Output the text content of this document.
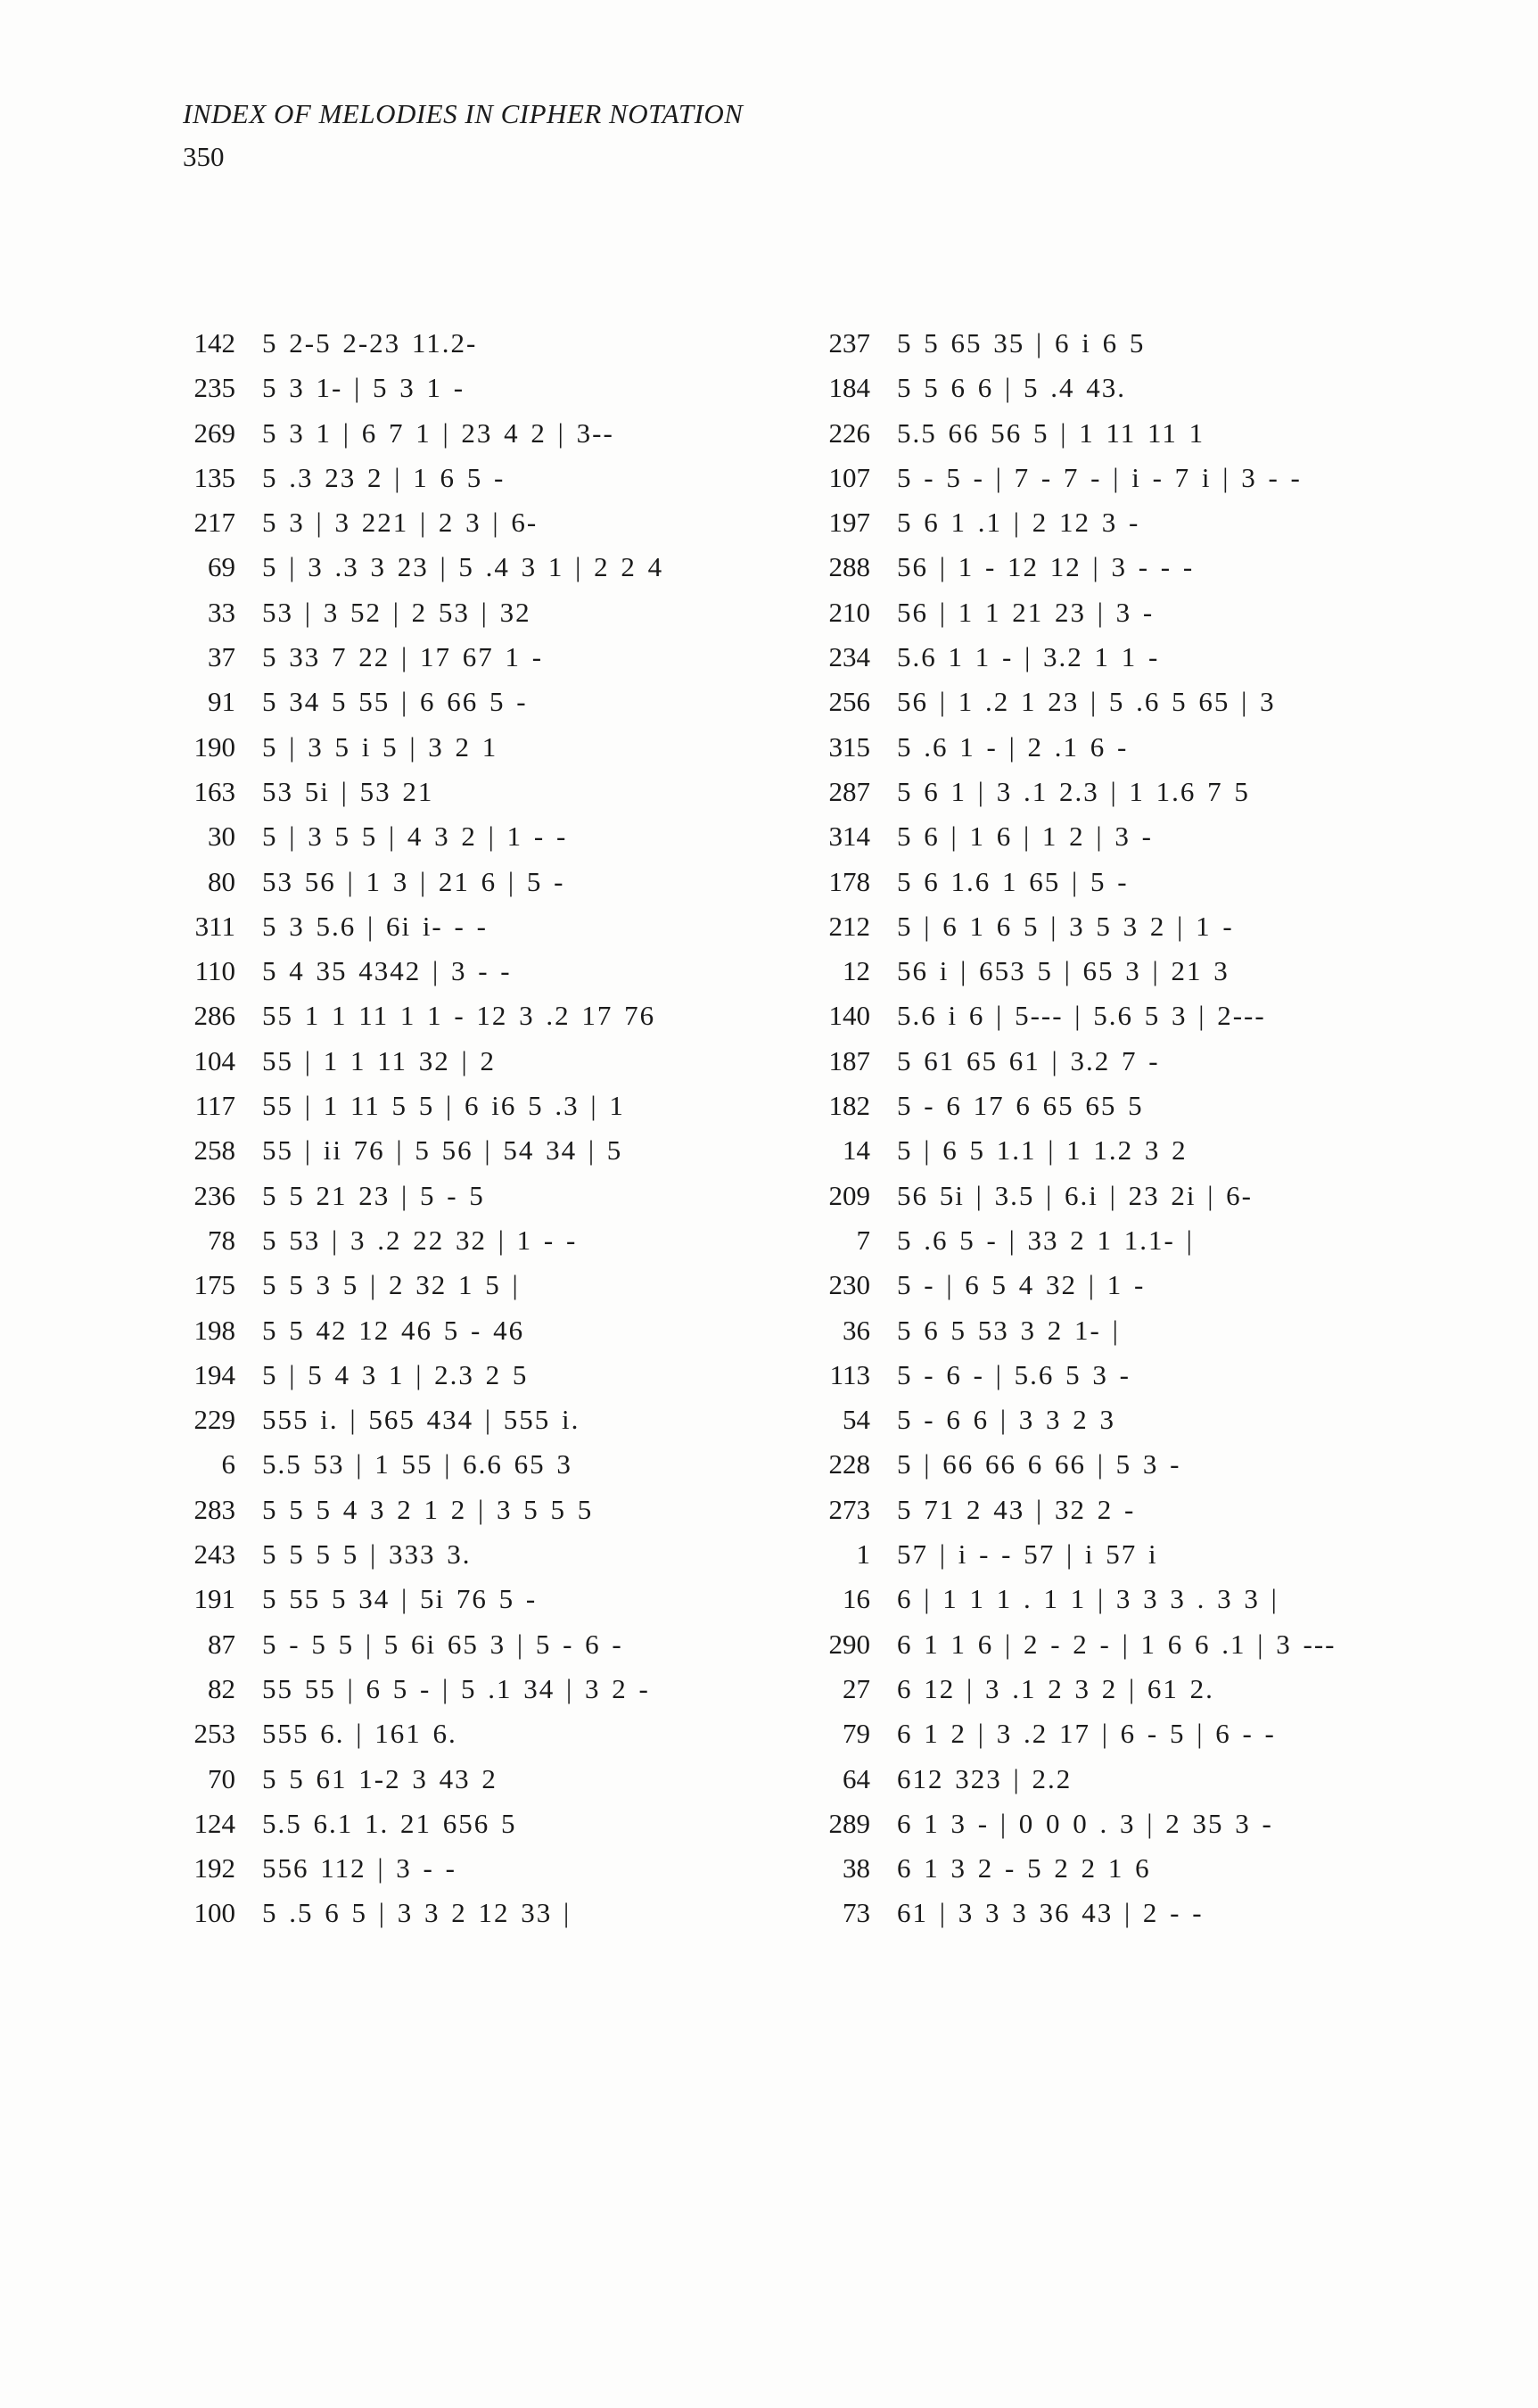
INDEX OF MELODIES IN CIPHER NOTATION
350
142 5 2-5 2-23 11.2-
235 5 3 1- | 5 3 1 -
269 5 3 1 | 6 7 1 | 23 4 2 | 3--
135 5 .3 23 2 | 1 6 5 -
217 5 3 | 3 221 | 2 3 | 6-
69 5 | 3 .3 3 23 | 5 .4 3 1 | 2 2 4
33 53 | 3 52 | 2 53 | 32
37 5 33 7 22 | 17 67 1 -
91 5 34 5 55 | 6 66 5 -
190 5 | 3 5 i 5 | 3 2 1
163 53 5i | 53 21
30 5 | 3 5 5 | 4 3 2 | 1 - -
80 53 56 | 1 3 | 21 6 | 5 -
311 5 3 5.6 | 6i i- - -
110 5 4 35 4342 | 3 - -
286 55 1 1 11 1 1 - 12 3 .2 17 76
104 55 | 1 1 11 32 | 2
117 55 | 1 11 5 5 | 6 i6 5 .3 | 1
258 55 | ii 76 | 5 56 | 54 34 | 5
236 5 5 21 23 | 5 - 5
78 5 53 | 3 .2 22 32 | 1 - -
175 5 5 3 5 | 2 32 1 5 |
198 5 5 42 12 46 5 - 46
194 5 | 5 4 3 1 | 2.3 2 5
229 555 i. | 565 434 | 555 i.
6 5.5 53 | 1 55 | 6.6 65 3
283 5 5 5 4 3 2 1 2 | 3 5 5 5
243 5 5 5 5 | 333 3.
191 5 55 5 34 | 5i 76 5 -
87 5 - 5 5 | 5 6i 65 3 | 5 - 6 -
82 55 55 | 6 5 - | 5 .1 34 | 3 2 -
253 555 6. | 161 6.
70 5 5 61 1-2 3 43 2
124 5.5 6.1 1. 21 656 5
192 556 112 | 3 - -
100 5 .5 6 5 | 3 3 2 12 33 |
237 5 5 65 35 | 6 i 6 5
184 5 5 6 6 | 5 .4 43.
226 5.5 66 56 5 | 1 11 11 1
107 5 - 5 - | 7 - 7 - | i - 7 i | 3 - -
197 5 6 1 .1 | 2 12 3 -
288 56 | 1 - 12 12 | 3 - - -
210 56 | 1 1 21 23 | 3 -
234 5.6 1 1 - | 3.2 1 1 -
256 56 | 1 .2 1 23 | 5 .6 5 65 | 3
315 5 .6 1 - | 2 .1 6 -
287 5 6 1 | 3 .1 2.3 | 1 1.6 7 5
314 5 6 | 1 6 | 1 2 | 3 -
178 5 6 1.6 1 65 | 5 -
212 5 | 6 1 6 5 | 3 5 3 2 | 1 -
12 56 i | 653 5 | 65 3 | 21 3
140 5.6 i 6 | 5--- | 5.6 5 3 | 2---
187 5 61 65 61 | 3.2 7 -
182 5 - 6 17 6 65 65 5
14 5 | 6 5 1.1 | 1 1.2 3 2
209 56 5i | 3.5 | 6.i | 23 2i | 6-
7 5 .6 5 - | 33 2 1 1.1- |
230 5 - | 6 5 4 32 | 1 -
36 5 6 5 53 3 2 1- |
113 5 - 6 - | 5.6 5 3 -
54 5 - 6 6 | 3 3 2 3
228 5 | 66 66 6 66 | 5 3 -
273 5 71 2 43 | 32 2 -
1 57 | i - - 57 | i 57 i
16 6 | 1 1 1 . 1 1 | 3 3 3 . 3 3 |
290 6 1 1 6 | 2 - 2 - | 1 6 6 .1 | 3 ---
27 6 12 | 3 .1 2 3 2 | 61 2.
79 6 1 2 | 3 .2 17 | 6 - 5 | 6 - -
64 612 323 | 2.2
289 6 1 3 - | 0 0 0 . 3 | 2 35 3 -
38 6 1 3 2 - 5 2 2 1 6
73 61 | 3 3 3 36 43 | 2 - -
